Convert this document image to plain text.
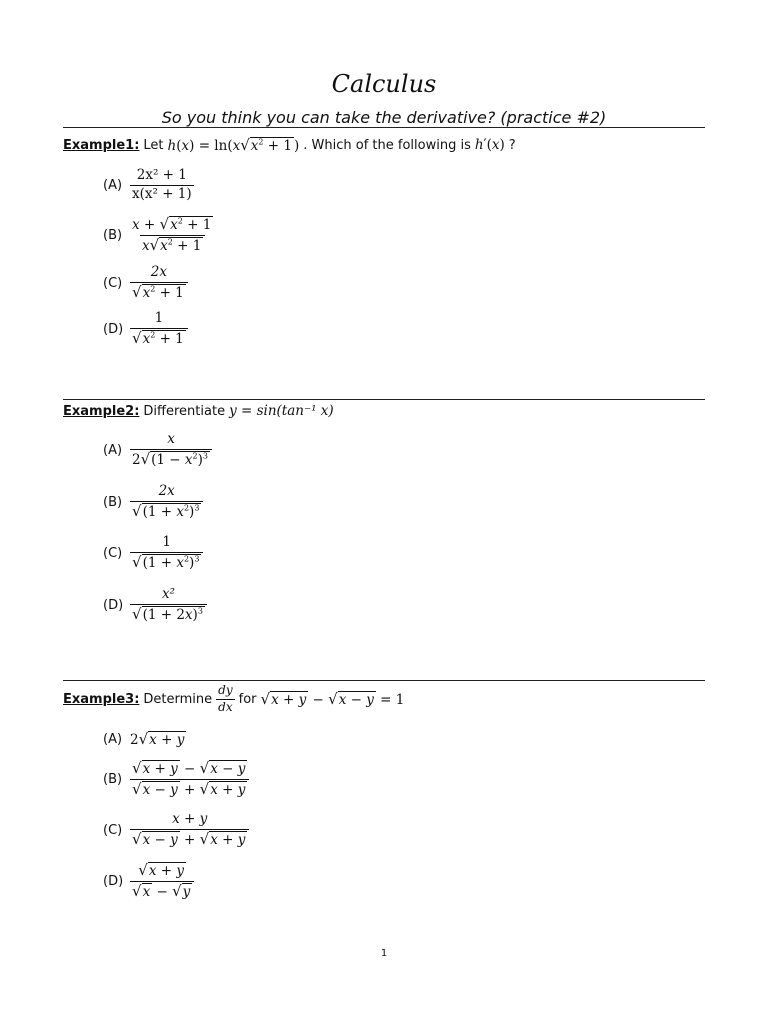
Calculus
So you think you can take the derivative? (practice #2)
Example1: Let $h(x) = \ln(x√x^2 + 1$ ) . Which of the following is h′(x) ?
$(A) \frac{\text{2x² + 1}}{\text{x(x² + 1)}}$
$(B) \frac{x + √x^2 + 1}{x√x^2 + 1}$
$(C) \frac{2x}{√x^2 + 1}$
$(D) \frac{1}{√x^2 + 1}$
Example2: Differentiate y = sin(tan⁻¹ x)
$(A) \frac{x}{2√(1 - x^2)^3}$
$(B) \frac{2x}{√(1 + x^2)^3}$
$(C) \frac{1}{√(1 + x^2)^3}$
$(D) \frac{\text{x²}}{√(1 + 2x)^3}$
Example3: Determine $\frac{dy}{dx}$ for √x + y − √x − y = 1
(A) 2√x + y
$(B) \frac{√x + y - √x - y}{√x - y + √x + y}$
$(C) \frac{x + y}{√x - y + √x + y}$
$(D) \frac{√x + y}{√x - √y}$
1
